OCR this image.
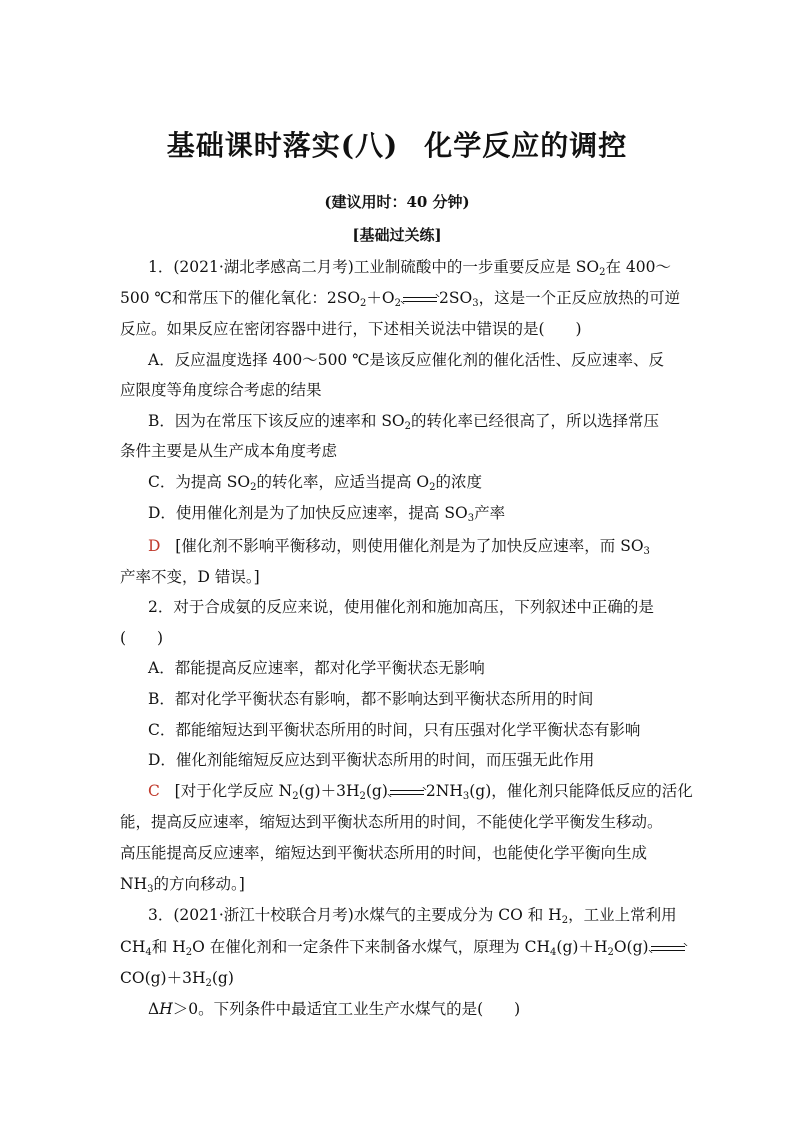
基础课时落实(八) 化学反应的调控
(建议用时：40 分钟)
[基础过关练]
1．(2021·湖北孝感高二月考)工业制硫酸中的一步重要反应是 $SO_2$在 400～
500 ℃和常压下的催化氧化：$2SO_2+O_2$ $2SO_3$，这是一个正反应放热的可逆
反应。如果反应在密闭容器中进行，下述相关说法中错误的是(　　)
A．反应温度选择 400～500 ℃是该反应催化剂的催化活性、反应速率、反
应限度等角度综合考虑的结果
B．因为在常压下该反应的速率和 $SO_2$的转化率已经很高了，所以选择常压
条件主要是从生产成本角度考虑
C．为提高 $SO_2$的转化率，应适当提高 $O_2$的浓度
D．使用催化剂是为了加快反应速率，提高 $SO_3$产率
D [催化剂不影响平衡移动，则使用催化剂是为了加快反应速率，而 $SO_3$
产率不变，D 错误。]
2．对于合成氨的反应来说，使用催化剂和施加高压，下列叙述中正确的是
(　　)
A．都能提高反应速率，都对化学平衡状态无影响
B．都对化学平衡状态有影响，都不影响达到平衡状态所用的时间
C．都能缩短达到平衡状态所用的时间，只有压强对化学平衡状态有影响
D．催化剂能缩短反应达到平衡状态所用的时间，而压强无此作用
C [对于化学反应 $N_2(g)+3H_2(g)$ $2NH_3(g)$，催化剂只能降低反应的活化
能，提高反应速率，缩短达到平衡状态所用的时间，不能使化学平衡发生移动。
高压能提高反应速率，缩短达到平衡状态所用的时间，也能使化学平衡向生成
$NH_3$的方向移动。]
3．(2021·浙江十校联合月考)水煤气的主要成分为 CO 和 $H_2$，工业上常利用
$CH_4$和 $H_2O$ 在催化剂和一定条件下来制备水煤气，原理为 $CH_4(g)+H_2O(g)$
$CO(g)+3H_2(g)$
ΔH＞0。下列条件中最适宜工业生产水煤气的是(　　)
